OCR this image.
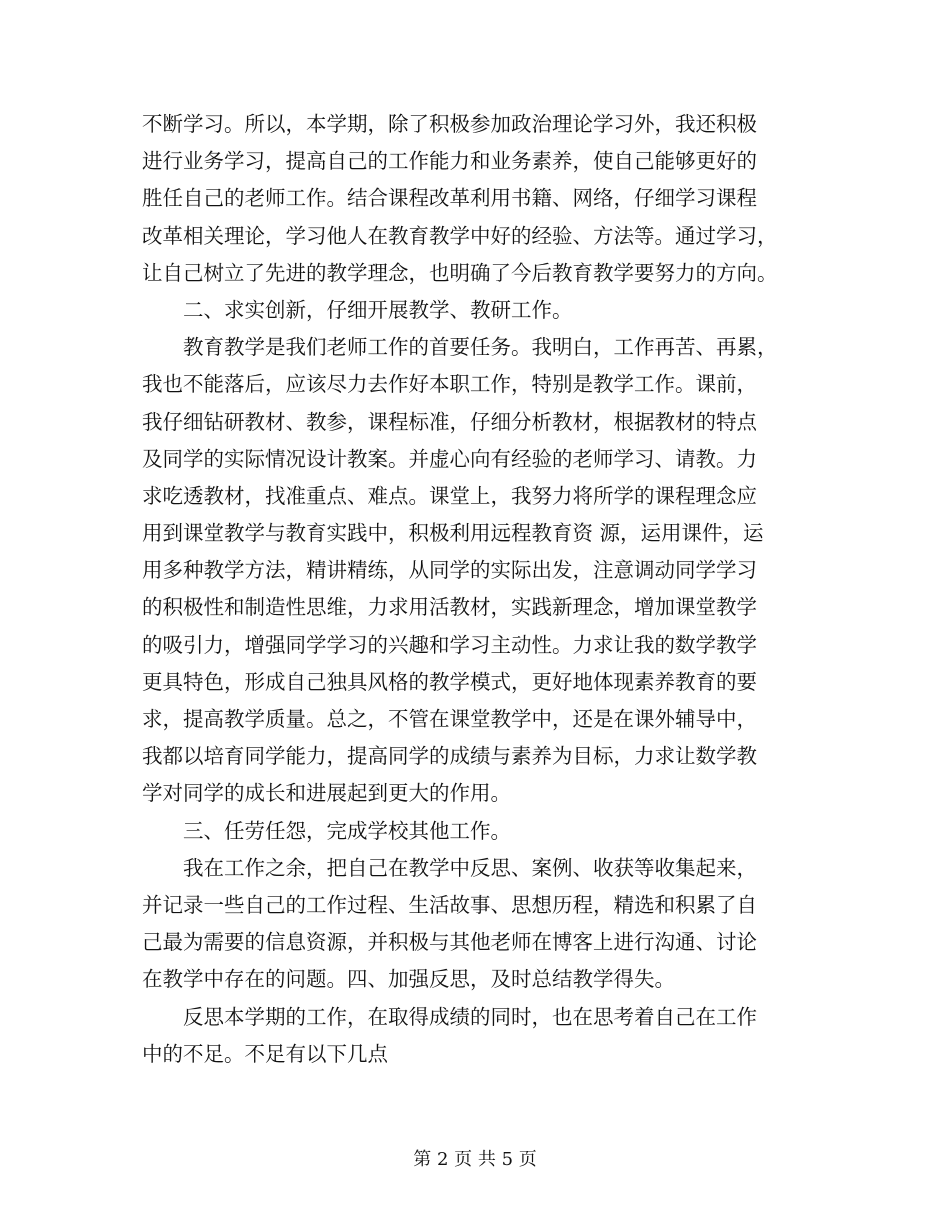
不断学习。所以，本学期，除了积极参加政治理论学习外，我还积极
进行业务学习，提高自己的工作能力和业务素养，使自己能够更好的
胜任自己的老师工作。结合课程改革利用书籍、网络，仔细学习课程
改革相关理论，学习他人在教育教学中好的经验、方法等。通过学习，
让自己树立了先进的教学理念，也明确了今后教育教学要努力的方向。
　　二、求实创新，仔细开展教学、教研工作。
　　教育教学是我们老师工作的首要任务。我明白，工作再苦、再累，
我也不能落后，应该尽力去作好本职工作，特别是教学工作。课前，
我仔细钻研教材、教参，课程标准，仔细分析教材，根据教材的特点
及同学的实际情况设计教案。并虚心向有经验的老师学习、请教。力
求吃透教材，找准重点、难点。课堂上，我努力将所学的课程理念应
用到课堂教学与教育实践中，积极利用远程教育资 源，运用课件，运
用多种教学方法，精讲精练，从同学的实际出发，注意调动同学学习
的积极性和制造性思维，力求用活教材，实践新理念，增加课堂教学
的吸引力，增强同学学习的兴趣和学习主动性。力求让我的数学教学
更具特色，形成自己独具风格的教学模式，更好地体现素养教育的要
求，提高教学质量。总之，不管在课堂教学中，还是在课外辅导中，
我都以培育同学能力，提高同学的成绩与素养为目标，力求让数学教
学对同学的成长和进展起到更大的作用。
　　三、任劳任怨，完成学校其他工作。
　　我在工作之余，把自己在教学中反思、案例、收获等收集起来，
并记录一些自己的工作过程、生活故事、思想历程，精选和积累了自
己最为需要的信息资源，并积极与其他老师在博客上进行沟通、讨论
在教学中存在的问题。四、加强反思，及时总结教学得失。
　　反思本学期的工作，在取得成绩的同时，也在思考着自己在工作
中的不足。不足有以下几点
第 2 页 共 5 页
